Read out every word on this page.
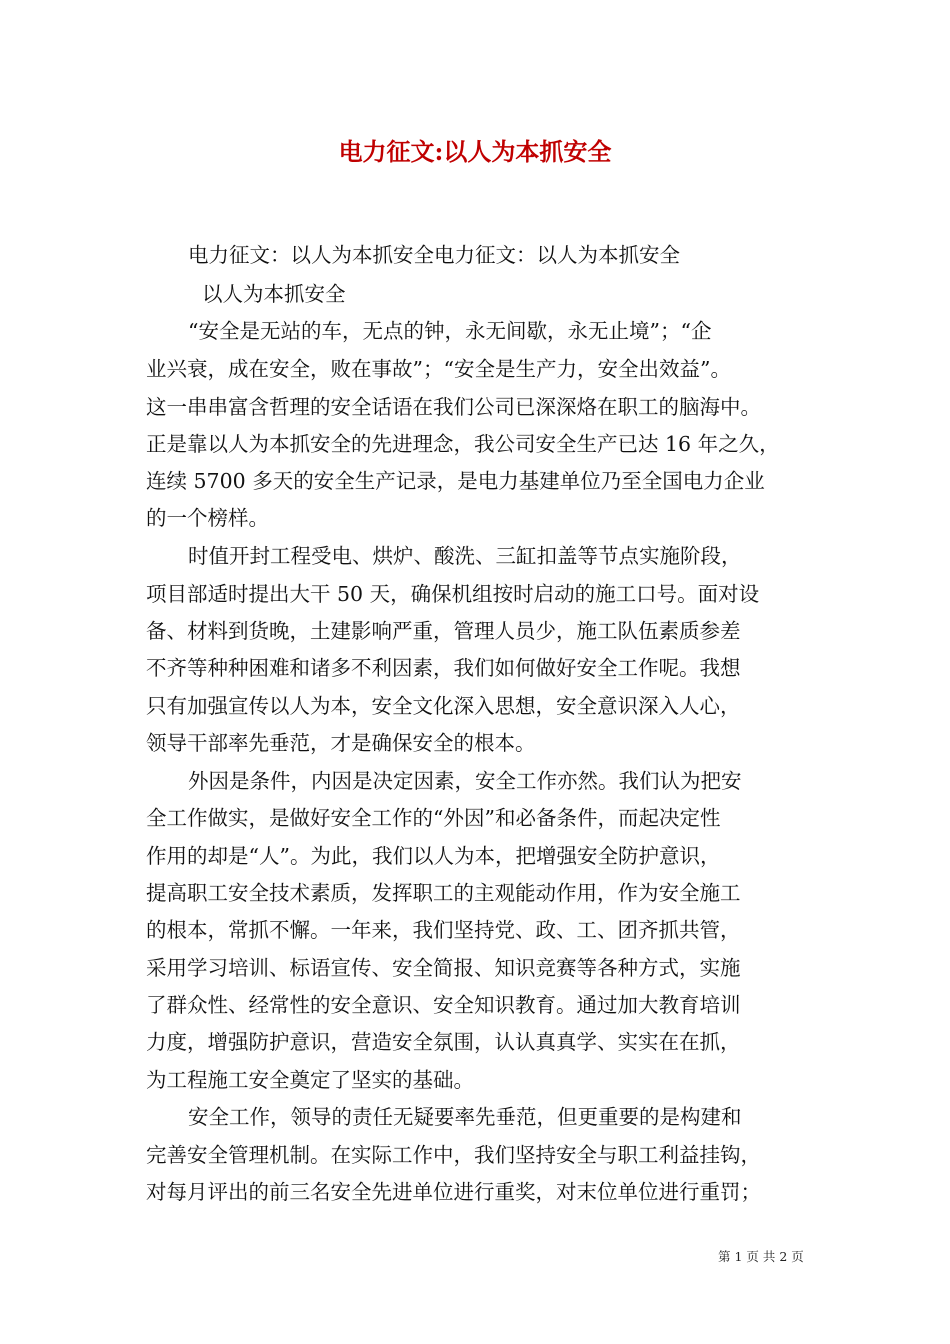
电力征文:以人为本抓安全
电力征文：以人为本抓安全电力征文：以人为本抓安全
以人为本抓安全
“安全是无站的车，无点的钟，永无间歇，永无止境”；“企
业兴衰，成在安全，败在事故”；“安全是生产力，安全出效益”。
这一串串富含哲理的安全话语在我们公司已深深烙在职工的脑海中。
正是靠以人为本抓安全的先进理念，我公司安全生产已达 16 年之久，
连续 5700 多天的安全生产记录，是电力基建单位乃至全国电力企业
的一个榜样。
时值开封工程受电、烘炉、酸洗、三缸扣盖等节点实施阶段，
项目部适时提出大干 50 天，确保机组按时启动的施工口号。面对设
备、材料到货晚，土建影响严重，管理人员少，施工队伍素质参差
不齐等种种困难和诸多不利因素，我们如何做好安全工作呢。我想
只有加强宣传以人为本，安全文化深入思想，安全意识深入人心，
领导干部率先垂范，才是确保安全的根本。
外因是条件，内因是决定因素，安全工作亦然。我们认为把安
全工作做实，是做好安全工作的“外因”和必备条件，而起决定性
作用的却是“人”。为此，我们以人为本，把增强安全防护意识，
提高职工安全技术素质，发挥职工的主观能动作用，作为安全施工
的根本，常抓不懈。一年来，我们坚持党、政、工、团齐抓共管，
采用学习培训、标语宣传、安全简报、知识竞赛等各种方式，实施
了群众性、经常性的安全意识、安全知识教育。通过加大教育培训
力度，增强防护意识，营造安全氛围，认认真真学、实实在在抓，
为工程施工安全奠定了坚实的基础。
安全工作，领导的责任无疑要率先垂范，但更重要的是构建和
完善安全管理机制。在实际工作中，我们坚持安全与职工利益挂钩，
对每月评出的前三名安全先进单位进行重奖，对末位单位进行重罚；
第 1 页 共 2 页
